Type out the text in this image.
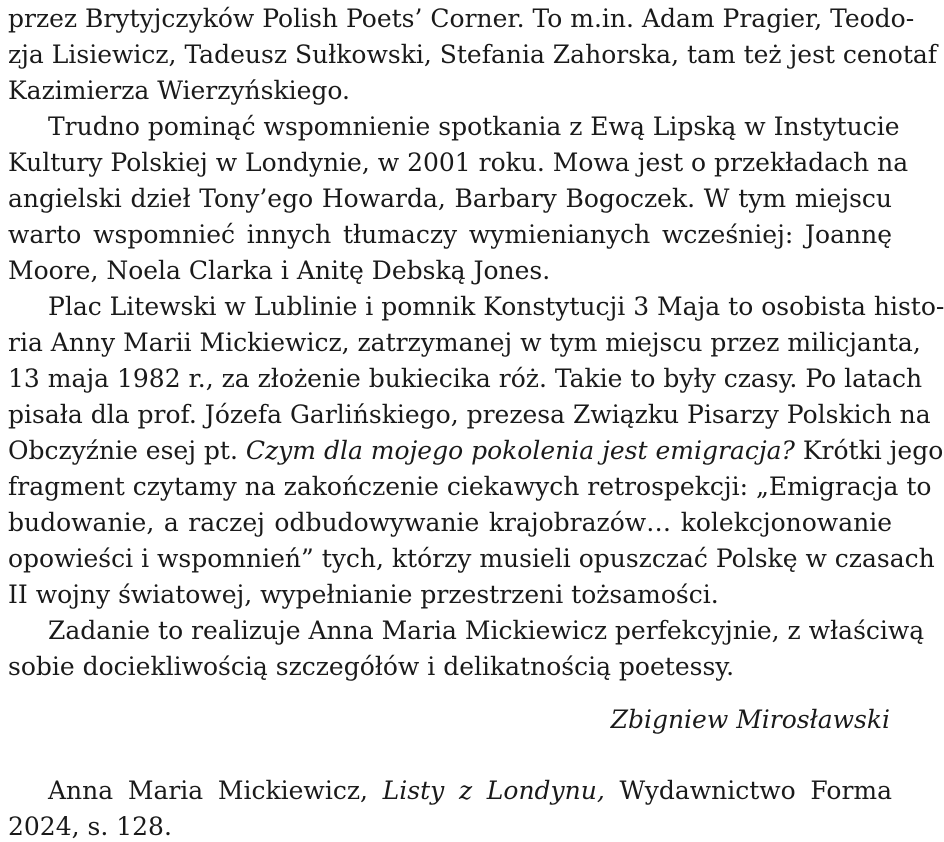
przez Brytyjczyków Polish Poets’ Corner. To m.in. Adam Pragier, Teodo-
zja Lisiewicz, Tadeusz Sułkowski, Stefania Zahorska, tam też jest cenotaf
Kazimierza Wierzyńskiego.
Trudno pominąć wspomnienie spotkania z Ewą Lipską w Instytucie
Kultury Polskiej w Londynie, w 2001 roku. Mowa jest o przekładach na
angielski dzieł Tony’ego Howarda, Barbary Bogoczek. W tym miejscu
warto wspomnieć innych tłumaczy wymienianych wcześniej: Joannę
Moore, Noela Clarka i Anitę Debską Jones.
Plac Litewski w Lublinie i pomnik Konstytucji 3 Maja to osobista histo-
ria Anny Marii Mickiewicz, zatrzymanej w tym miejscu przez milicjanta,
13 maja 1982 r., za złożenie bukiecika róż. Takie to były czasy. Po latach
pisała dla prof. Józefa Garlińskiego, prezesa Związku Pisarzy Polskich na
Obczyźnie esej pt. Czym dla mojego pokolenia jest emigracja? Krótki jego
fragment czytamy na zakończenie ciekawych retrospekcji: „Emigracja to
budowanie, a raczej odbudowywanie krajobrazów… kolekcjonowanie
opowieści i wspomnień” tych, którzy musieli opuszczać Polskę w czasach
II wojny światowej, wypełnianie przestrzeni tożsamości.
Zadanie to realizuje Anna Maria Mickiewicz perfekcyjnie, z właściwą
sobie dociekliwością szczegółów i delikatnością poetessy.
Zbigniew Mirosławski
Anna Maria Mickiewicz, Listy z Londynu, Wydawnictwo Forma
2024, s. 128.
